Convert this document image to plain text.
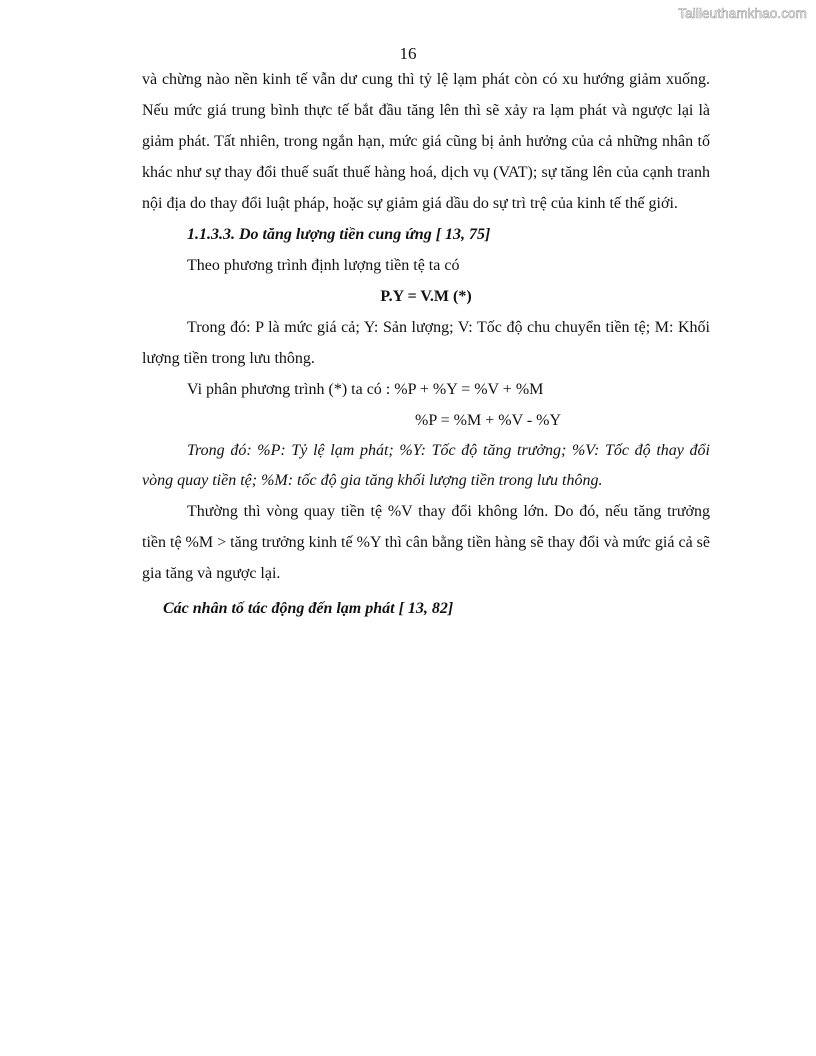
Tailieuthamkhao.com
16

và chừng nào nền kinh tế vẫn dư cung thì tỷ lệ lạm phát còn có xu hướng giảm xuống. Nếu mức giá trung bình thực tế bắt đầu tăng lên thì sẽ xảy ra lạm phát và ngược lại là giảm phát. Tất nhiên, trong ngắn hạn, mức giá cũng bị ảnh hưởng của cả những nhân tố khác như sự thay đổi thuế suất thuế hàng hoá, dịch vụ (VAT); sự tăng lên của cạnh tranh nội địa do thay đổi luật pháp, hoặc sự giảm giá dầu do sự trì trệ của kinh tế thế giới.

1.1.3.3. Do tăng lượng tiền cung ứng [ 13, 75]

Theo phương trình định lượng tiền tệ ta có

P.Y = V.M (*)

Trong đó: P là mức giá cả; Y: Sản lượng; V: Tốc độ chu chuyển tiền tệ; M: Khối lượng tiền trong lưu thông.

Vi phân phương trình (*) ta có : %P + %Y = %V + %M

%P = %M + %V - %Y

Trong đó: %P: Tỷ lệ lạm phát; %Y: Tốc độ tăng trưởng; %V: Tốc độ thay đổi vòng quay tiền tệ; %M: tốc độ gia tăng khối lượng tiền trong lưu thông.

Thường thì vòng quay tiền tệ %V thay đổi không lớn. Do đó, nếu tăng trưởng tiền tệ %M > tăng trưởng kinh tế %Y thì cân bằng tiền hàng sẽ thay đổi và mức giá cả sẽ gia tăng và ngược lại.

Các nhân tố tác động đến lạm phát [ 13, 82]
